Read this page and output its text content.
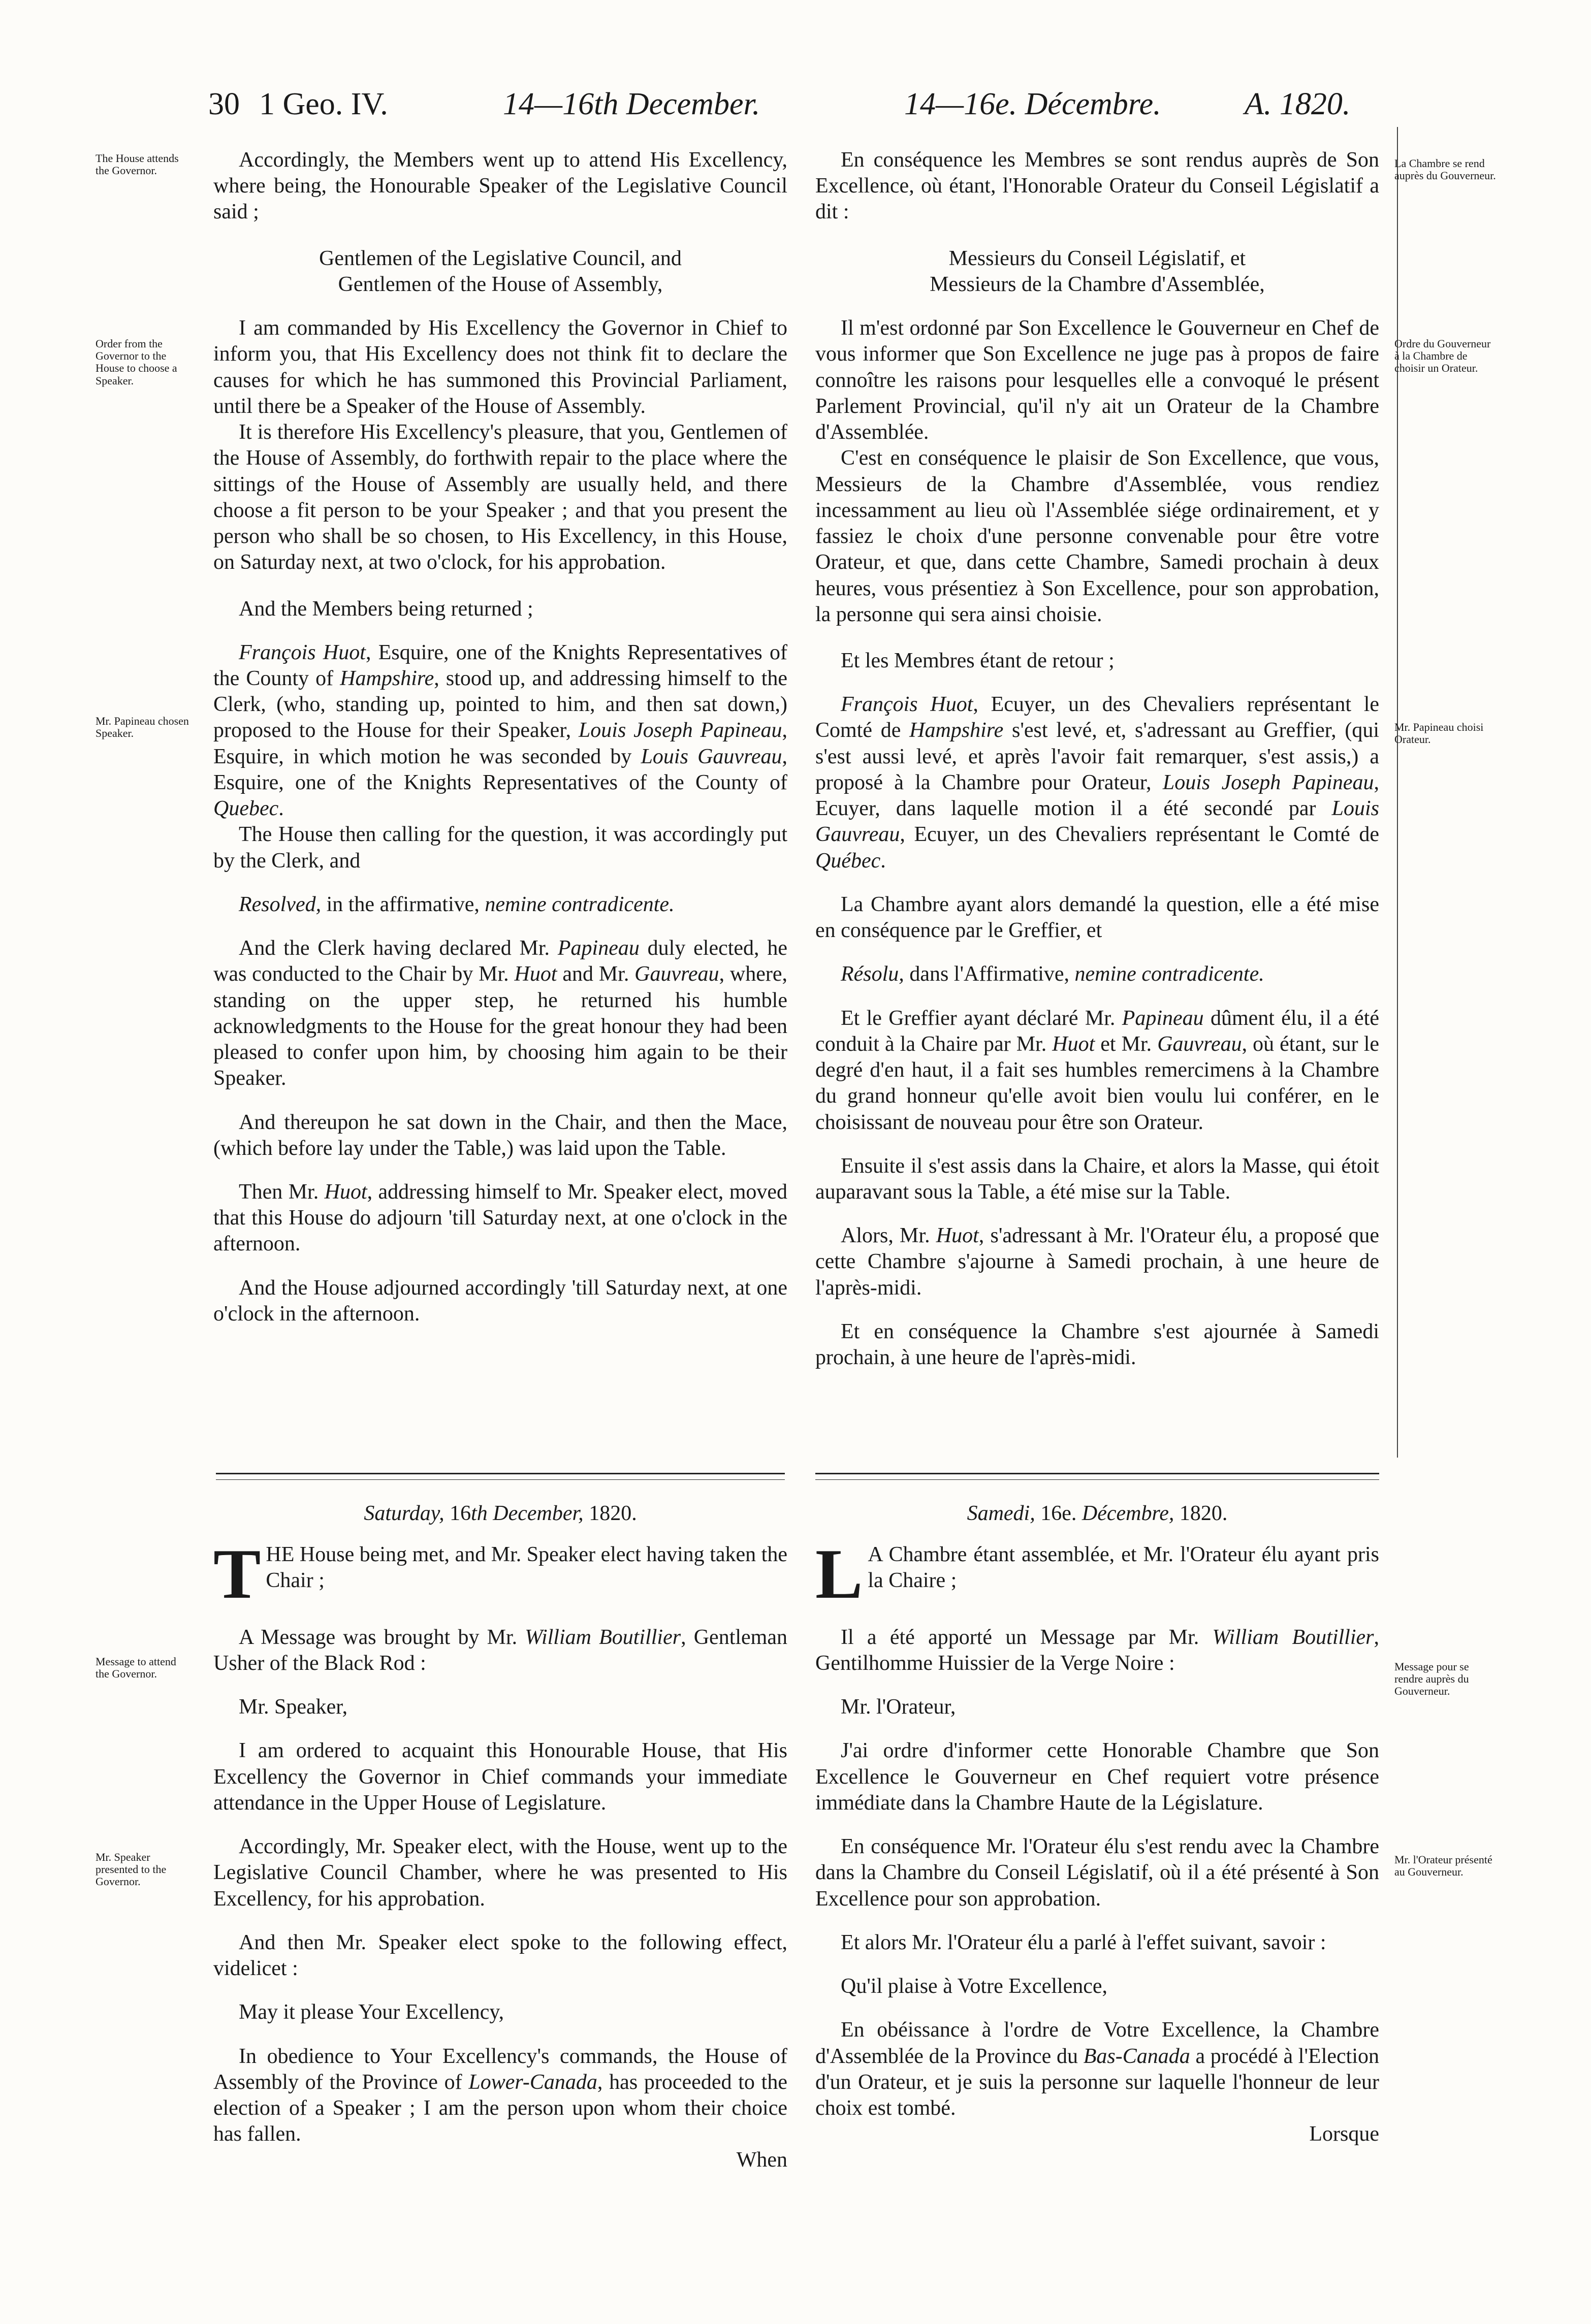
30 1 Geo. IV.	14—16th December.	14—16e. Décembre.	A. 1820.
The House attends the Governor.
La Chambre se rend auprès du Gouverneur.
Order from the Governor to the House to choose a Speaker.
Ordre du Gouverneur à la Chambre de choisir un Orateur.
Mr. Papineau chosen Speaker.	Mr. Papineau choisi Orateur.
Message to attend the Governor.
Message pour se rendre auprès du Gouverneur.
Mr. Speaker presented to the Governor.
Mr. l'Orateur présenté au Gouverneur.

Accordingly, the Members went up to attend His Excellency, where being, the Honourable Speaker of the Legislative Council said ;

Gentlemen of the Legislative Council, and

Gentlemen of the House of Assembly,

I am commanded by His Excellency the Governor in Chief to inform you, that His Excellency does not think fit to declare the causes for which he has summoned this Provincial Parliament, until there be a Speaker of the House of Assembly.

It is therefore His Excellency's pleasure, that you, Gentlemen of the House of Assembly, do forthwith repair to the place where the sittings of the House of Assembly are usually held, and there choose a fit person to be your Speaker ; and that you present the person who shall be so chosen, to His Excellency, in this House, on Saturday next, at two o'clock, for his approbation.

And the Members being returned ;

François Huot, Esquire, one of the Knights Representatives of the County of Hampshire, stood up, and addressing himself to the Clerk, (who, standing up, pointed to him, and then sat down,) proposed to the House for their Speaker, Louis Joseph Papineau, Esquire, in which motion he was seconded by Louis Gauvreau, Esquire, one of the Knights Representatives of the County of Quebec.

The House then calling for the question, it was accordingly put by the Clerk, and

Resolved, in the affirmative, nemine contradicente.

And the Clerk having declared Mr. Papineau duly elected, he was conducted to the Chair by Mr. Huot and Mr. Gauvreau, where, standing on the upper step, he returned his humble acknowledgments to the House for the great honour they had been pleased to confer upon him, by choosing him again to be their Speaker.

And thereupon he sat down in the Chair, and then the Mace, (which before lay under the Table,) was laid upon the Table.

Then Mr. Huot, addressing himself to Mr. Speaker elect, moved that this House do adjourn 'till Saturday next, at one o'clock in the afternoon.

And the House adjourned accordingly 'till Saturday next, at one o'clock in the afternoon.

En conséquence les Membres se sont rendus auprès de Son Excellence, où étant, l'Honorable Orateur du Conseil Législatif a dit :

Messieurs du Conseil Législatif, et

Messieurs de la Chambre d'Assemblée,

Il m'est ordonné par Son Excellence le Gouverneur en Chef de vous informer que Son Excellence ne juge pas à propos de faire connoître les raisons pour lesquelles elle a convoqué le présent Parlement Provincial, qu'il n'y ait un Orateur de la Chambre d'Assemblée.

C'est en conséquence le plaisir de Son Excellence, que vous, Messieurs de la Chambre d'Assemblée, vous rendiez incessamment au lieu où l'Assemblée siége ordinairement, et y fassiez le choix d'une personne convenable pour être votre Orateur, et que, dans cette Chambre, Samedi prochain à deux heures, vous présentiez à Son Excellence, pour son approbation, la personne qui sera ainsi choisie.

Et les Membres étant de retour ;

François Huot, Ecuyer, un des Chevaliers représentant le Comté de Hampshire s'est levé, et, s'adressant au Greffier, (qui s'est aussi levé, et après l'avoir fait remarquer, s'est assis,) a proposé à la Chambre pour Orateur, Louis Joseph Papineau, Ecuyer, dans laquelle motion il a été secondé par Louis Gauvreau, Ecuyer, un des Chevaliers représentant le Comté de Québec.

La Chambre ayant alors demandé la question, elle a été mise en conséquence par le Greffier, et

Résolu, dans l'Affirmative, nemine contradicente.

Et le Greffier ayant déclaré Mr. Papineau dûment élu, il a été conduit à la Chaire par Mr. Huot et Mr. Gauvreau, où étant, sur le degré d'en haut, il a fait ses humbles remercimens à la Chambre du grand honneur qu'elle avoit bien voulu lui conférer, en le choisissant de nouveau pour être son Orateur.

Ensuite il s'est assis dans la Chaire, et alors la Masse, qui étoit auparavant sous la Table, a été mise sur la Table.

Alors, Mr. Huot, s'adressant à Mr. l'Orateur élu, a proposé que cette Chambre s'ajourne à Samedi prochain, à une heure de l'après-midi.

Et en conséquence la Chambre s'est ajournée à Samedi prochain, à une heure de l'après-midi.

Saturday, 16th December, 1820.

THE House being met, and Mr. Speaker elect having taken the Chair ;

A Message was brought by Mr. William Boutillier, Gentleman Usher of the Black Rod :

Mr. Speaker,

I am ordered to acquaint this Honourable House, that His Excellency the Governor in Chief commands your immediate attendance in the Upper House of Legislature.

Accordingly, Mr. Speaker elect, with the House, went up to the Legislative Council Chamber, where he was presented to His Excellency, for his approbation.

And then Mr. Speaker elect spoke to the following effect, videlicet :

May it please Your Excellency,

In obedience to Your Excellency's commands, the House of Assembly of the Province of Lower-Canada, has proceeded to the election of a Speaker ; I am the person upon whom their choice has fallen.

When

Samedi, 16e. Décembre, 1820.

L A Chambre étant assemblée, et Mr. l'Orateur élu ayant pris la Chaire ;

Il a été apporté un Message par Mr. William Boutillier, Gentilhomme Huissier de la Verge Noire :

Mr. l'Orateur,

J'ai ordre d'informer cette Honorable Chambre que Son Excellence le Gouverneur en Chef requiert votre présence immédiate dans la Chambre Haute de la Législature.

En conséquence Mr. l'Orateur élu s'est rendu avec la Chambre dans la Chambre du Conseil Législatif, où il a été présenté à Son Excellence pour son approbation.

Et alors Mr. l'Orateur élu a parlé à l'effet suivant, savoir :

Qu'il plaise à Votre Excellence,

En obéissance à l'ordre de Votre Excellence, la Chambre d'Assemblée de la Province du Bas-Canada a procédé à l'Election d'un Orateur, et je suis la personne sur laquelle l'honneur de leur choix est tombé.

Lorsque
